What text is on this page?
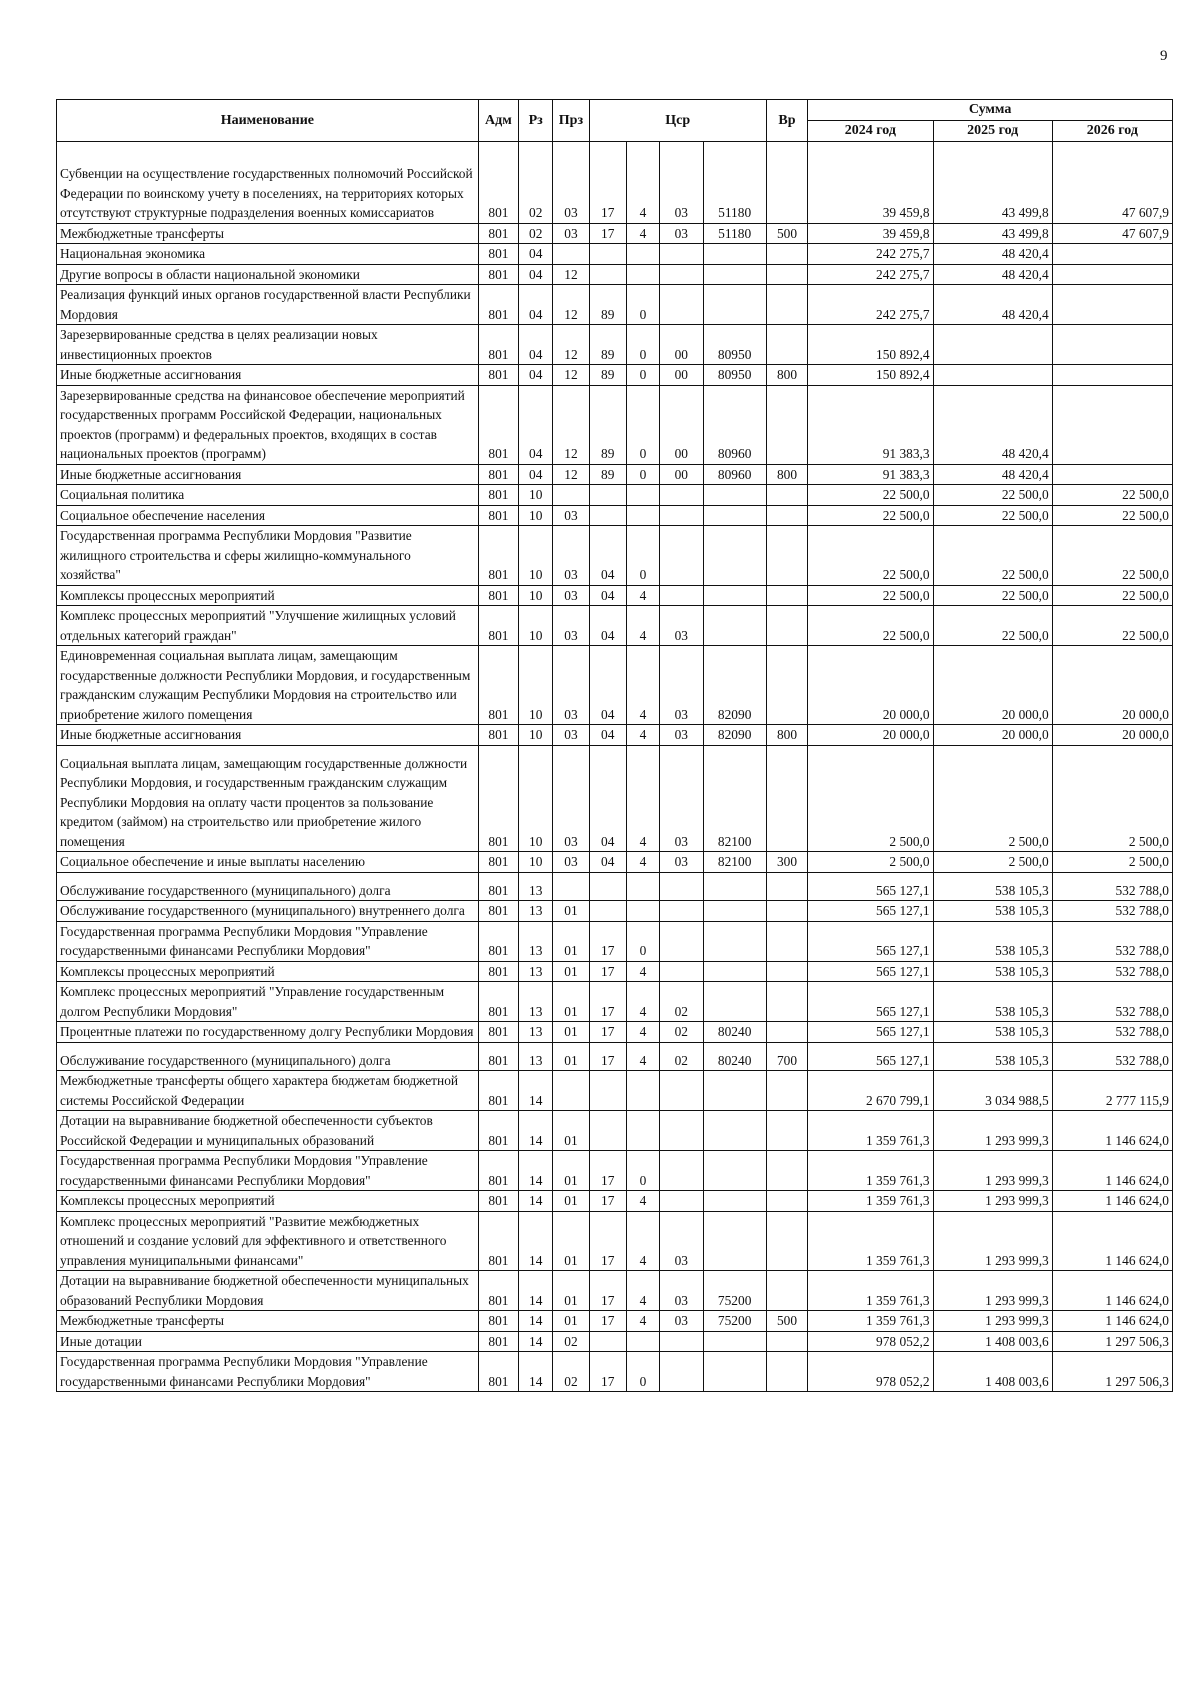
9
Наименование	Адм	Рз	Прз	Цср				Вр	Сумма		
									2024 год	2025 год	2026 год
Субвенции на осуществление государственных полномочий Российской Федерации по воинскому учету в поселениях, на территориях которых отсутствуют структурные подразделения военных комиссариатов	801	02	03	17	4	03	51180		39 459,8	43 499,8	47 607,9
Межбюджетные трансферты	801	02	03	17	4	03	51180	500	39 459,8	43 499,8	47 607,9
Национальная экономика	801	04							242 275,7	48 420,4	
Другие вопросы в области национальной экономики	801	04	12						242 275,7	48 420,4	
Реализация функций иных органов государственной власти Республики Мордовия	801	04	12	89	0				242 275,7	48 420,4	
Зарезервированные средства в целях реализации новых инвестиционных проектов	801	04	12	89	0	00	80950		150 892,4		
Иные бюджетные ассигнования	801	04	12	89	0	00	80950	800	150 892,4		
Зарезервированные средства на финансовое обеспечение мероприятий государственных программ Российской Федерации, национальных проектов (программ) и федеральных проектов, входящих в состав национальных проектов (программ)	801	04	12	89	0	00	80960		91 383,3	48 420,4	
Иные бюджетные ассигнования	801	04	12	89	0	00	80960	800	91 383,3	48 420,4	
Социальная политика	801	10							22 500,0	22 500,0	22 500,0
Социальное обеспечение населения	801	10	03						22 500,0	22 500,0	22 500,0
Государственная программа Республики Мордовия "Развитие жилищного строительства и сферы жилищно-коммунального хозяйства"	801	10	03	04	0				22 500,0	22 500,0	22 500,0
Комплексы процессных мероприятий	801	10	03	04	4				22 500,0	22 500,0	22 500,0
Комплекс процессных мероприятий "Улучшение жилищных условий отдельных категорий граждан"	801	10	03	04	4	03			22 500,0	22 500,0	22 500,0
Единовременная социальная выплата лицам, замещающим государственные должности Республики Мордовия, и государственным гражданским служащим Республики Мордовия на строительство или приобретение жилого помещения	801	10	03	04	4	03	82090		20 000,0	20 000,0	20 000,0
Иные бюджетные ассигнования	801	10	03	04	4	03	82090	800	20 000,0	20 000,0	20 000,0
Социальная выплата лицам, замещающим государственные должности Республики Мордовия, и государственным гражданским служащим Республики Мордовия на оплату части процентов за пользование кредитом (займом) на строительство или приобретение жилого помещения	801	10	03	04	4	03	82100		2 500,0	2 500,0	2 500,0
Социальное обеспечение и иные выплаты населению	801	10	03	04	4	03	82100	300	2 500,0	2 500,0	2 500,0
Обслуживание государственного (муниципального) долга	801	13							565 127,1	538 105,3	532 788,0
Обслуживание государственного (муниципального) внутреннего долга	801	13	01						565 127,1	538 105,3	532 788,0
Государственная программа Республики Мордовия "Управление государственными финансами Республики Мордовия"	801	13	01	17	0				565 127,1	538 105,3	532 788,0
Комплексы процессных мероприятий	801	13	01	17	4				565 127,1	538 105,3	532 788,0
Комплекс процессных мероприятий "Управление государственным долгом Республики Мордовия"	801	13	01	17	4	02			565 127,1	538 105,3	532 788,0
Процентные платежи по государственному долгу Республики Мордовия	801	13	01	17	4	02	80240		565 127,1	538 105,3	532 788,0
Обслуживание государственного (муниципального) долга	801	13	01	17	4	02	80240	700	565 127,1	538 105,3	532 788,0
Межбюджетные трансферты общего характера бюджетам бюджетной системы Российской Федерации	801	14							2 670 799,1	3 034 988,5	2 777 115,9
Дотации на выравнивание бюджетной обеспеченности субъектов Российской Федерации и муниципальных образований	801	14	01						1 359 761,3	1 293 999,3	1 146 624,0
Государственная программа Республики Мордовия "Управление государственными финансами Республики Мордовия"	801	14	01	17	0				1 359 761,3	1 293 999,3	1 146 624,0
Комплексы процессных мероприятий	801	14	01	17	4				1 359 761,3	1 293 999,3	1 146 624,0
Комплекс процессных мероприятий "Развитие межбюджетных отношений и создание условий для эффективного и ответственного управления муниципальными финансами"	801	14	01	17	4	03			1 359 761,3	1 293 999,3	1 146 624,0
Дотации на выравнивание бюджетной обеспеченности муниципальных образований Республики Мордовия	801	14	01	17	4	03	75200		1 359 761,3	1 293 999,3	1 146 624,0
Межбюджетные трансферты	801	14	01	17	4	03	75200	500	1 359 761,3	1 293 999,3	1 146 624,0
Иные дотации	801	14	02						978 052,2	1 408 003,6	1 297 506,3
Государственная программа Республики Мордовия "Управление государственными финансами Республики Мордовия"	801	14	02	17	0				978 052,2	1 408 003,6	1 297 506,3
